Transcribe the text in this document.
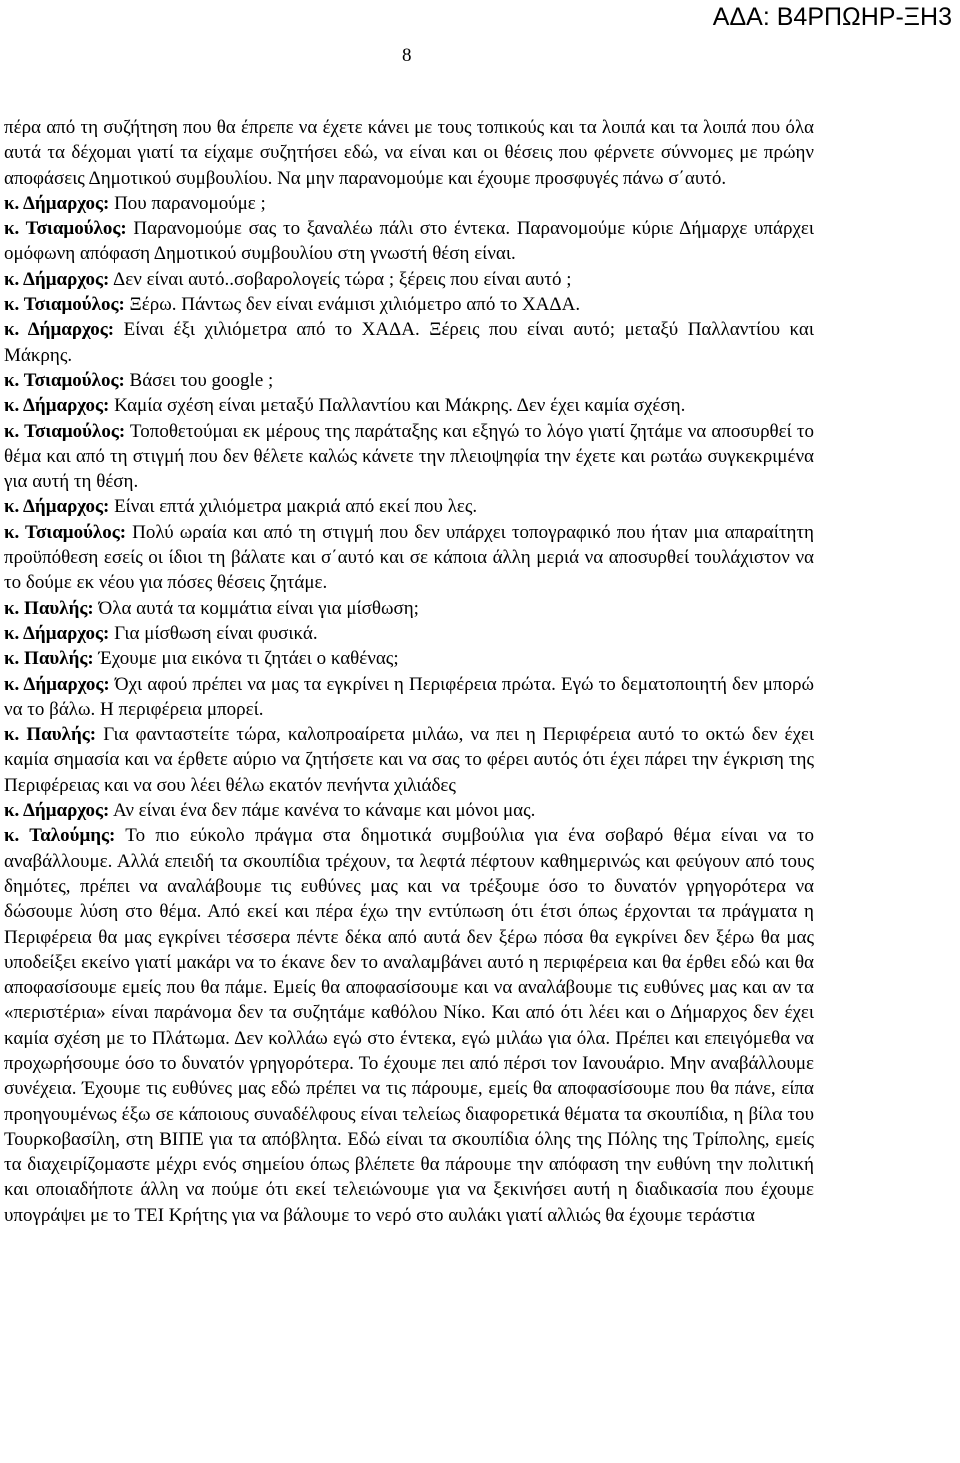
ΑΔΑ: Β4ΡΠΩΗΡ-ΞΗ3
8

πέρα από τη συζήτηση που θα έπρεπε να έχετε κάνει με τους τοπικούς και τα λοιπά και τα λοιπά που όλα αυτά τα δέχομαι γιατί τα είχαμε συζητήσει εδώ, να είναι και οι θέσεις που φέρνετε σύννομες με πρώην αποφάσεις Δημοτικού συμβουλίου. Να μην παρανομούμε και έχουμε προσφυγές πάνω σ΄αυτό.

κ. Δήμαρχος: Που παρανομούμε ;

κ. Τσιαμούλος: Παρανομούμε σας το ξαναλέω πάλι στο έντεκα. Παρανομούμε κύριε Δήμαρχε υπάρχει ομόφωνη απόφαση Δημοτικού συμβουλίου στη γνωστή θέση είναι.

κ. Δήμαρχος: Δεν είναι αυτό..σοβαρολογείς τώρα ; ξέρεις που είναι αυτό ;

κ. Τσιαμούλος: Ξέρω. Πάντως δεν είναι ενάμισι χιλιόμετρο από το ΧΑΔΑ.

κ. Δήμαρχος: Είναι έξι χιλιόμετρα από το ΧΑΔΑ. Ξέρεις που είναι αυτό; μεταξύ Παλλαντίου και Μάκρης.

κ. Τσιαμούλος: Βάσει του google ;

κ. Δήμαρχος: Καμία σχέση είναι μεταξύ Παλλαντίου και Μάκρης. Δεν έχει καμία σχέση.

κ. Τσιαμούλος: Τοποθετούμαι εκ μέρους της παράταξης και εξηγώ το λόγο γιατί ζητάμε να αποσυρθεί το θέμα και από τη στιγμή που δεν θέλετε καλώς κάνετε την πλειοψηφία την έχετε και ρωτάω συγκεκριμένα για αυτή τη θέση.

κ. Δήμαρχος: Είναι επτά χιλιόμετρα μακριά από εκεί που λες.

κ. Τσιαμούλος: Πολύ ωραία και από τη στιγμή που δεν υπάρχει τοπογραφικό που ήταν μια απαραίτητη προϋπόθεση εσείς οι ίδιοι τη βάλατε και σ΄αυτό και σε κάποια άλλη μεριά να αποσυρθεί τουλάχιστον να το δούμε εκ νέου για πόσες θέσεις ζητάμε.

κ. Παυλής: Όλα αυτά τα κομμάτια είναι για μίσθωση;

κ. Δήμαρχος: Για μίσθωση είναι φυσικά.

κ. Παυλής: Έχουμε μια εικόνα τι ζητάει ο καθένας;

κ. Δήμαρχος: Όχι αφού πρέπει να μας τα εγκρίνει η Περιφέρεια πρώτα. Εγώ το δεματοποιητή δεν μπορώ να το βάλω. Η περιφέρεια μπορεί.

κ. Παυλής: Για φανταστείτε τώρα, καλοπροαίρετα μιλάω, να πει η Περιφέρεια αυτό το οκτώ δεν έχει καμία σημασία και να έρθετε αύριο να ζητήσετε και να σας το φέρει αυτός ότι έχει πάρει την έγκριση της Περιφέρειας και να σου λέει θέλω εκατόν πενήντα χιλιάδες

κ. Δήμαρχος: Αν είναι ένα δεν πάμε κανένα το κάναμε και μόνοι μας.

κ. Ταλούμης: Το πιο εύκολο πράγμα στα δημοτικά συμβούλια για ένα σοβαρό θέμα είναι να το αναβάλλουμε. Αλλά επειδή τα σκουπίδια τρέχουν, τα λεφτά πέφτουν καθημερινώς και φεύγουν από τους δημότες, πρέπει να αναλάβουμε τις ευθύνες μας και να τρέξουμε όσο το δυνατόν γρηγορότερα να δώσουμε λύση στο θέμα. Από εκεί και πέρα έχω την εντύπωση ότι έτσι όπως έρχονται τα πράγματα η Περιφέρεια θα μας εγκρίνει τέσσερα πέντε δέκα από αυτά δεν ξέρω πόσα θα εγκρίνει δεν ξέρω θα μας υποδείξει εκείνο γιατί μακάρι να το έκανε δεν το αναλαμβάνει αυτό η περιφέρεια και θα έρθει εδώ και θα αποφασίσουμε εμείς που θα πάμε. Εμείς θα αποφασίσουμε και να αναλάβουμε τις ευθύνες μας και αν τα «περιστέρια» είναι παράνομα δεν τα συζητάμε καθόλου Νίκο. Και από ότι λέει και ο Δήμαρχος δεν έχει καμία σχέση με το Πλάτωμα. Δεν κολλάω εγώ στο έντεκα, εγώ μιλάω για όλα. Πρέπει και επειγόμεθα να προχωρήσουμε όσο το δυνατόν γρηγορότερα. Το έχουμε πει από πέρσι τον Ιανουάριο. Μην αναβάλλουμε συνέχεια. Έχουμε τις ευθύνες μας εδώ πρέπει να τις πάρουμε, εμείς θα αποφασίσουμε που θα πάνε, είπα προηγουμένως έξω σε κάποιους συναδέλφους είναι τελείως διαφορετικά θέματα τα σκουπίδια, η βίλα του Τουρκοβασίλη, στη ΒΙΠΕ για τα απόβλητα. Εδώ είναι τα σκουπίδια όλης της Πόλης της Τρίπολης, εμείς τα διαχειρίζομαστε μέχρι ενός σημείου όπως βλέπετε θα πάρουμε την απόφαση την ευθύνη την πολιτική και οποιαδήποτε άλλη να πούμε ότι εκεί τελειώνουμε για να ξεκινήσει αυτή η διαδικασία που έχουμε υπογράψει με το ΤΕΙ Κρήτης για να βάλουμε το νερό στο αυλάκι γιατί αλλιώς θα έχουμε τεράστια
